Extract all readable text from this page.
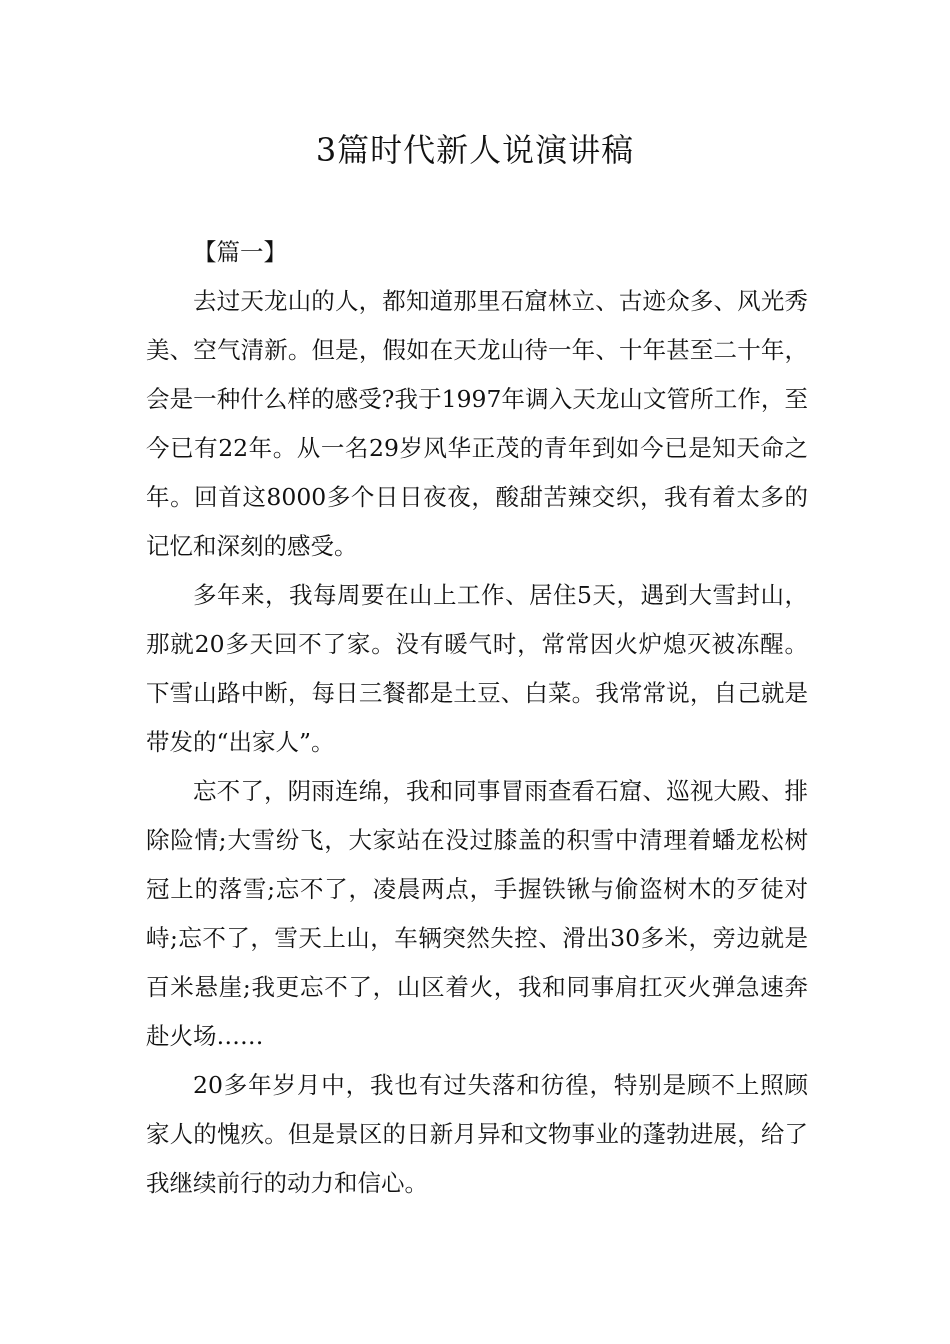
3篇时代新人说演讲稿

【篇一】

去过天龙山的人，都知道那里石窟林立、古迹众多、风光秀美、空气清新。但是，假如在天龙山待一年、十年甚至二十年，会是一种什么样的感受?我于1997年调入天龙山文管所工作，至今已有22年。从一名29岁风华正茂的青年到如今已是知天命之年。回首这8000多个日日夜夜，酸甜苦辣交织，我有着太多的记忆和深刻的感受。

多年来，我每周要在山上工作、居住5天，遇到大雪封山，那就20多天回不了家。没有暖气时，常常因火炉熄灭被冻醒。下雪山路中断，每日三餐都是土豆、白菜。我常常说，自己就是带发的“出家人”。

忘不了，阴雨连绵，我和同事冒雨查看石窟、巡视大殿、排除险情;大雪纷飞，大家站在没过膝盖的积雪中清理着蟠龙松树冠上的落雪;忘不了，凌晨两点，手握铁锹与偷盗树木的歹徒对峙;忘不了，雪天上山，车辆突然失控、滑出30多米，旁边就是百米悬崖;我更忘不了，山区着火，我和同事肩扛灭火弹急速奔赴火场……

20多年岁月中，我也有过失落和彷徨，特别是顾不上照顾家人的愧疚。但是景区的日新月异和文物事业的蓬勃进展，给了我继续前行的动力和信心。
